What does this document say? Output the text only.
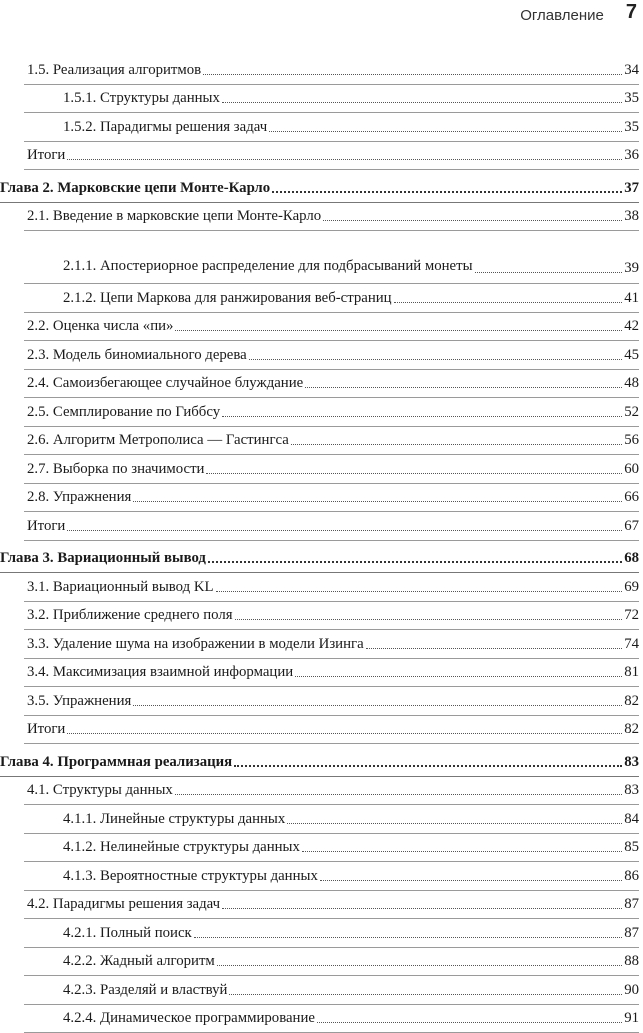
Оглавление 7
1.5. Реализация алгоритмов	34
1.5.1. Структуры данных	35
1.5.2. Парадигмы решения задач	35
Итоги	36
Глава 2. Марковские цепи Монте-Карло	37
2.1. Введение в марковские цепи Монте-Карло	38
2.1.1. Апостериорное распределение для подбрасываний монеты	39
2.1.2. Цепи Маркова для ранжирования веб-страниц	41
2.2. Оценка числа «пи»	42
2.3. Модель биномиального дерева	45
2.4. Самоизбегающее случайное блуждание	48
2.5. Семплирование по Гиббсу	52
2.6. Алгоритм Метрополиса — Гастингса	56
2.7. Выборка по значимости	60
2.8. Упражнения	66
Итоги	67
Глава 3. Вариационный вывод	68
3.1. Вариационный вывод KL	69
3.2. Приближение среднего поля	72
3.3. Удаление шума на изображении в модели Изинга	74
3.4. Максимизация взаимной информации	81
3.5. Упражнения	82
Итоги	82
Глава 4. Программная реализация	83
4.1. Структуры данных	83
4.1.1. Линейные структуры данных	84
4.1.2. Нелинейные структуры данных	85
4.1.3. Вероятностные структуры данных	86
4.2. Парадигмы решения задач	87
4.2.1. Полный поиск	87
4.2.2. Жадный алгоритм	88
4.2.3. Разделяй и властвуй	90
4.2.4. Динамическое программирование	91
